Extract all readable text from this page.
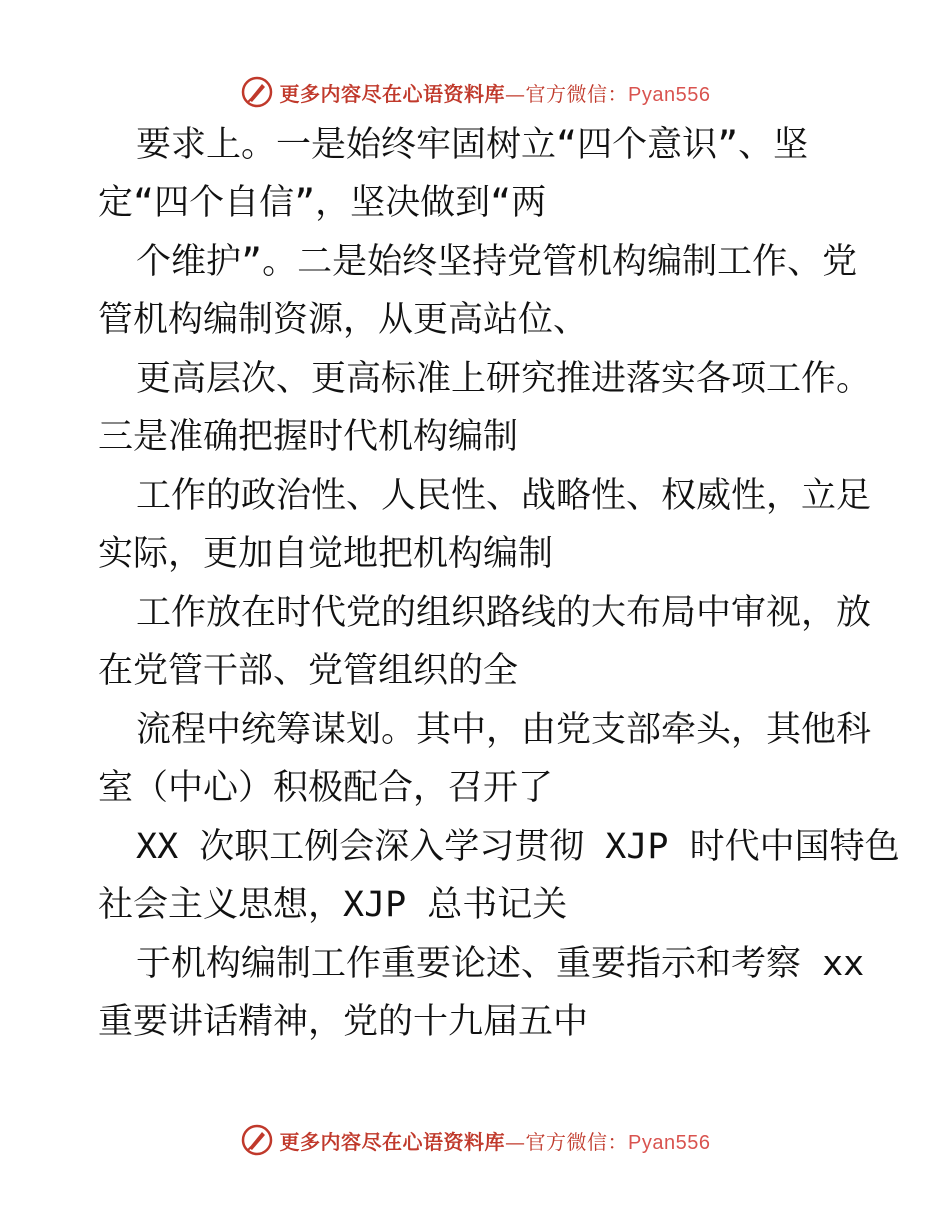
更多内容尽在心语资料库—官方微信：Pyan556
要求上。一是始终牢固树立“四个意识”、坚
定“四个自信”，坚决做到“两
个维护”。二是始终坚持党管机构编制工作、党
管机构编制资源，从更高站位、
更高层次、更高标准上研究推进落实各项工作。
三是准确把握时代机构编制
工作的政治性、人民性、战略性、权威性，立足
实际，更加自觉地把机构编制
工作放在时代党的组织路线的大布局中审视，放
在党管干部、党管组织的全
流程中统筹谋划。其中，由党支部牵头，其他科
室（中心）积极配合，召开了
XX 次职工例会深入学习贯彻 XJP 时代中国特色
社会主义思想，XJP 总书记关
于机构编制工作重要论述、重要指示和考察 xx
重要讲话精神，党的十九届五中
更多内容尽在心语资料库—官方微信：Pyan556
